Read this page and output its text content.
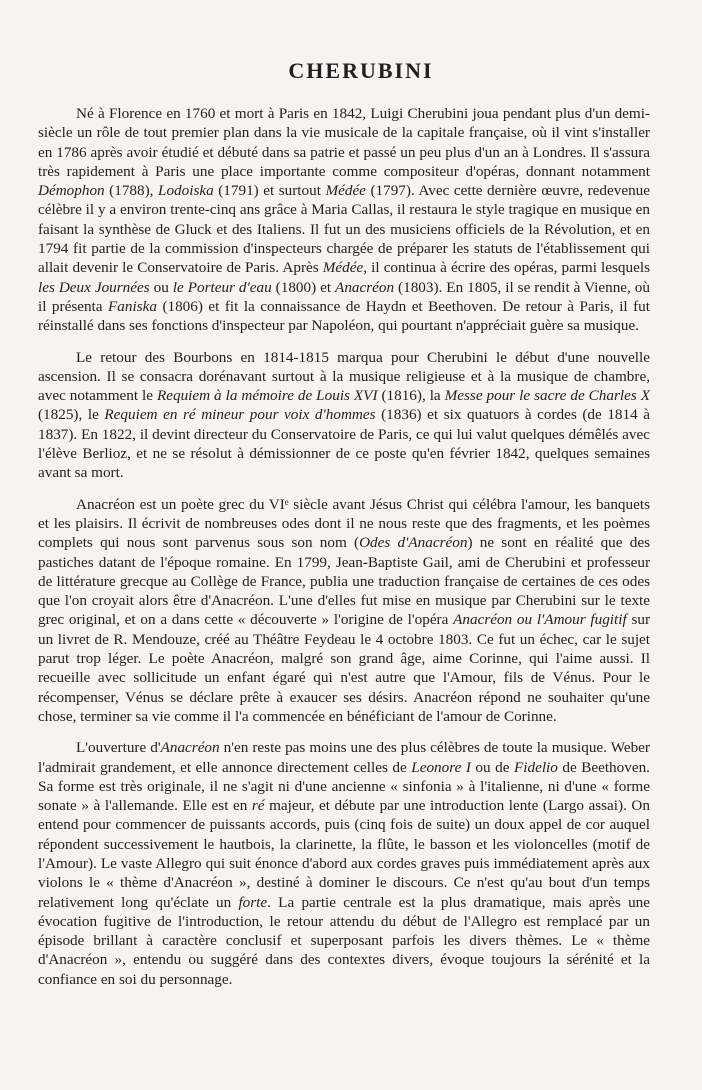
CHERUBINI

Né à Florence en 1760 et mort à Paris en 1842, Luigi Cherubini joua pendant plus d'un demi-siècle un rôle de tout premier plan dans la vie musicale de la capitale française, où il vint s'installer en 1786 après avoir étudié et débuté dans sa patrie et passé un peu plus d'un an à Londres. Il s'assura très rapidement à Paris une place importante comme compositeur d'opéras, donnant notamment Démophon (1788), Lodoiska (1791) et surtout Médée (1797). Avec cette dernière œuvre, redevenue célèbre il y a environ trente-cinq ans grâce à Maria Callas, il restaura le style tragique en musique en faisant la synthèse de Gluck et des Italiens. Il fut un des musiciens officiels de la Révolution, et en 1794 fit partie de la commission d'inspecteurs chargée de préparer les statuts de l'établissement qui allait devenir le Conservatoire de Paris. Après Médée, il continua à écrire des opéras, parmi lesquels les Deux Journées ou le Porteur d'eau (1800) et Anacréon (1803). En 1805, il se rendit à Vienne, où il présenta Faniska (1806) et fit la connaissance de Haydn et Beethoven. De retour à Paris, il fut réinstallé dans ses fonctions d'inspecteur par Napoléon, qui pourtant n'appréciait guère sa musique.

Le retour des Bourbons en 1814-1815 marqua pour Cherubini le début d'une nouvelle ascension. Il se consacra dorénavant surtout à la musique religieuse et à la musique de chambre, avec notamment le Requiem à la mémoire de Louis XVI (1816), la Messe pour le sacre de Charles X (1825), le Requiem en ré mineur pour voix d'hommes (1836) et six quatuors à cordes (de 1814 à 1837). En 1822, il devint directeur du Conservatoire de Paris, ce qui lui valut quelques démêlés avec l'élève Berlioz, et ne se résolut à démissionner de ce poste qu'en février 1842, quelques semaines avant sa mort.

Anacréon est un poète grec du VIᵉ siècle avant Jésus Christ qui célébra l'amour, les banquets et les plaisirs. Il écrivit de nombreuses odes dont il ne nous reste que des fragments, et les poèmes complets qui nous sont parvenus sous son nom (Odes d'Anacréon) ne sont en réalité que des pastiches datant de l'époque romaine. En 1799, Jean-Baptiste Gail, ami de Cherubini et professeur de littérature grecque au Collège de France, publia une traduction française de certaines de ces odes que l'on croyait alors être d'Anacréon. L'une d'elles fut mise en musique par Cherubini sur le texte grec original, et on a dans cette « découverte » l'origine de l'opéra Anacréon ou l'Amour fugitif sur un livret de R. Mendouze, créé au Théâtre Feydeau le 4 octobre 1803. Ce fut un échec, car le sujet parut trop léger. Le poète Anacréon, malgré son grand âge, aime Corinne, qui l'aime aussi. Il recueille avec sollicitude un enfant égaré qui n'est autre que l'Amour, fils de Vénus. Pour le récompenser, Vénus se déclare prête à exaucer ses désirs. Anacréon répond ne souhaiter qu'une chose, terminer sa vie comme il l'a commencée en bénéficiant de l'amour de Corinne.

L'ouverture d'Anacréon n'en reste pas moins une des plus célèbres de toute la musique. Weber l'admirait grandement, et elle annonce directement celles de Leonore I ou de Fidelio de Beethoven. Sa forme est très originale, il ne s'agit ni d'une ancienne « sinfonia » à l'italienne, ni d'une « forme sonate » à l'allemande. Elle est en ré majeur, et débute par une introduction lente (Largo assai). On entend pour commencer de puissants accords, puis (cinq fois de suite) un doux appel de cor auquel répondent successivement le hautbois, la clarinette, la flûte, le basson et les violoncelles (motif de l'Amour). Le vaste Allegro qui suit énonce d'abord aux cordes graves puis immédiatement après aux violons le « thème d'Anacréon », destiné à dominer le discours. Ce n'est qu'au bout d'un temps relativement long qu'éclate un forte. La partie centrale est la plus dramatique, mais après une évocation fugitive de l'introduction, le retour attendu du début de l'Allegro est remplacé par un épisode brillant à caractère conclusif et superposant parfois les divers thèmes. Le « thème d'Anacréon », entendu ou suggéré dans des contextes divers, évoque toujours la sérénité et la confiance en soi du personnage.
